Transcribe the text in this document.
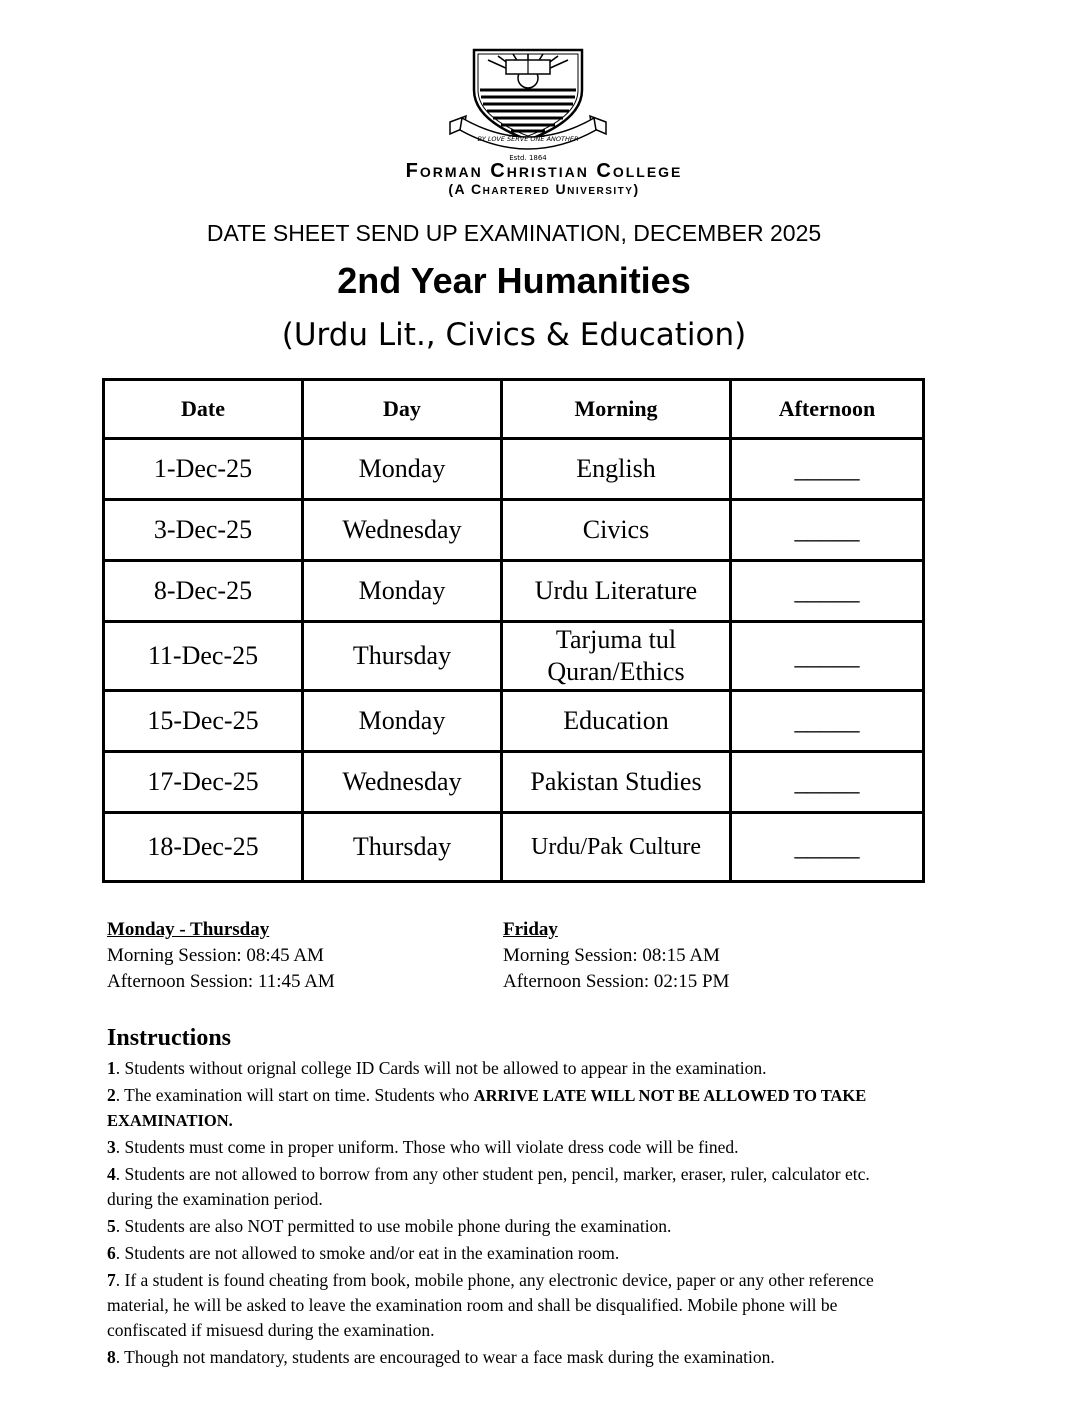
BY LOVE SERVE ONE ANOTHER
Estd. 1864
Forman Christian College
(A Chartered University)
DATE SHEET SEND UP EXAMINATION, DECEMBER 2025
2nd Year Humanities
(Urdu Lit., Civics & Education)
Date	Day	Morning	Afternoon
1-Dec-25	Monday	English	_____
3-Dec-25	Wednesday	Civics	_____
8-Dec-25	Monday	Urdu Literature	_____
11-Dec-25	Thursday	Tarjuma tul Quran/Ethics	_____
15-Dec-25	Monday	Education	_____
17-Dec-25	Wednesday	Pakistan Studies	_____
18-Dec-25	Thursday	Urdu/Pak Culture	_____
Monday - Thursday
Morning Session: 08:45 AM
Afternoon Session: 11:45 AM
Friday
Morning Session: 08:15 AM
Afternoon Session: 02:15 PM
Instructions

1. Students without orignal college ID Cards will not be allowed to appear in the examination.

2. The examination will start on time. Students who ARRIVE LATE WILL NOT BE ALLOWED TO TAKE EXAMINATION.

3. Students must come in proper uniform. Those who will violate dress code will be fined.

4. Students are not allowed to borrow from any other student pen, pencil, marker, eraser, ruler, calculator etc. during the examination period.

5. Students are also NOT permitted to use mobile phone during the examination.

6. Students are not allowed to smoke and/or eat in the examination room.

7. If a student is found cheating from book, mobile phone, any electronic device, paper or any other reference material, he will be asked to leave the examination room and shall be disqualified. Mobile phone will be confiscated if misuesd during the examination.

8. Though not mandatory, students are encouraged to wear a face mask during the examination.
